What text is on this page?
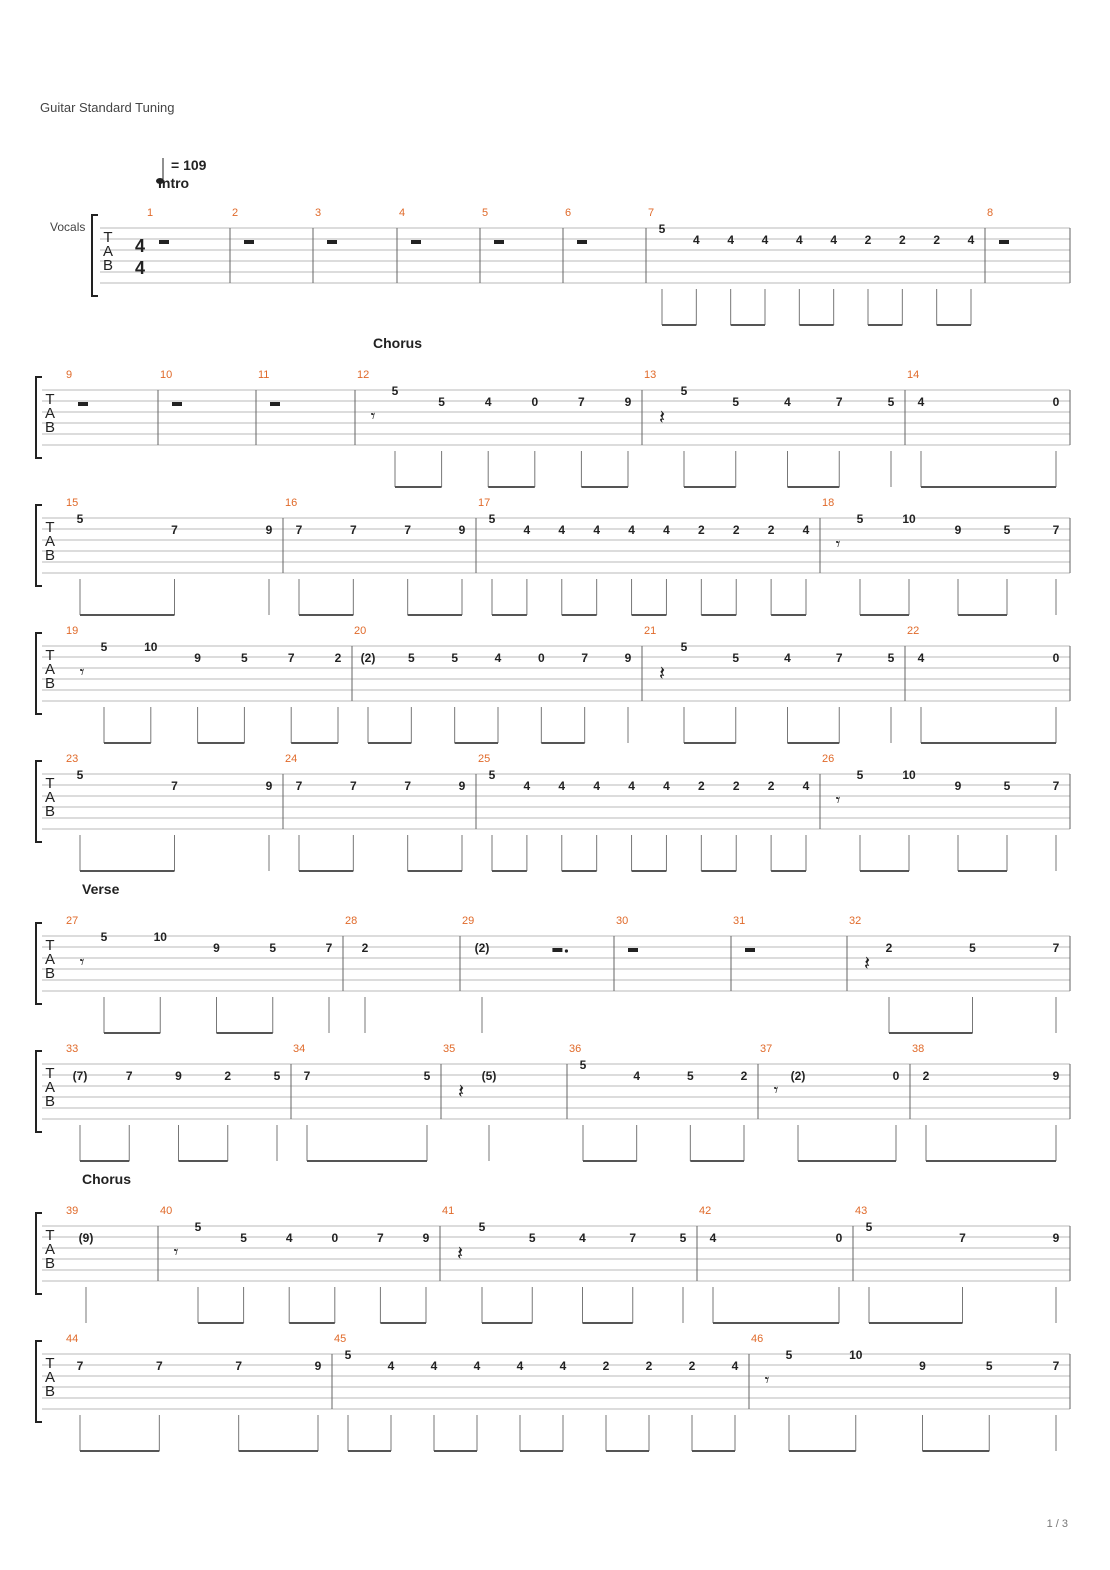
Guitar Standard Tuning
= 109
Intro
T
A
B
Vocals
4
4
1	2	3	4	5	6	7
5
4 4 4 4 4 2 2 2 4
8
T
A
B
9	10	11	12
Chorus
𝄾
5
5	4	0	7	9
13
𝄽
5
5	4	7	5
14
4	0
T
A
B
15
5
7	9
16
7	7	7	9
17
5
4 4 4 4 4 2 2 2 4
18
𝄾
5	10
9	5	7
T
A
B
19
𝄾
5	10
9	5	7	2
20
(2)	5	5	4	0	7	9
21
𝄽
5
5	4	7	5
22
4	0
T
A
B
23
5
7	9
24
7	7	7	9
25
5
4 4 4 4 4 2 2 2 4
26
𝄾
5	10
9	5	7
T
A
B
27
Verse
𝄾
5	10
9	5	7
28
2
29
(2)
30	31	32
𝄽
2	5	7
T
A
B
33
(7)	7	9	2	5
34
7	5
35
𝄽
(5)
36
5
4	5	2
37
𝄾
(2)	0
38
2	9
T
A
B
39
Chorus
(9)
40
𝄾
5
5	4	0	7	9
41
𝄽
5
5	4	7	5
42
4	0
43
5
7	9
T
A
B
44
7	7	7	9
45
5
4	4	4	4	4	2	2	2	4
46
𝄾
5	10
9	5	7
1 / 3
